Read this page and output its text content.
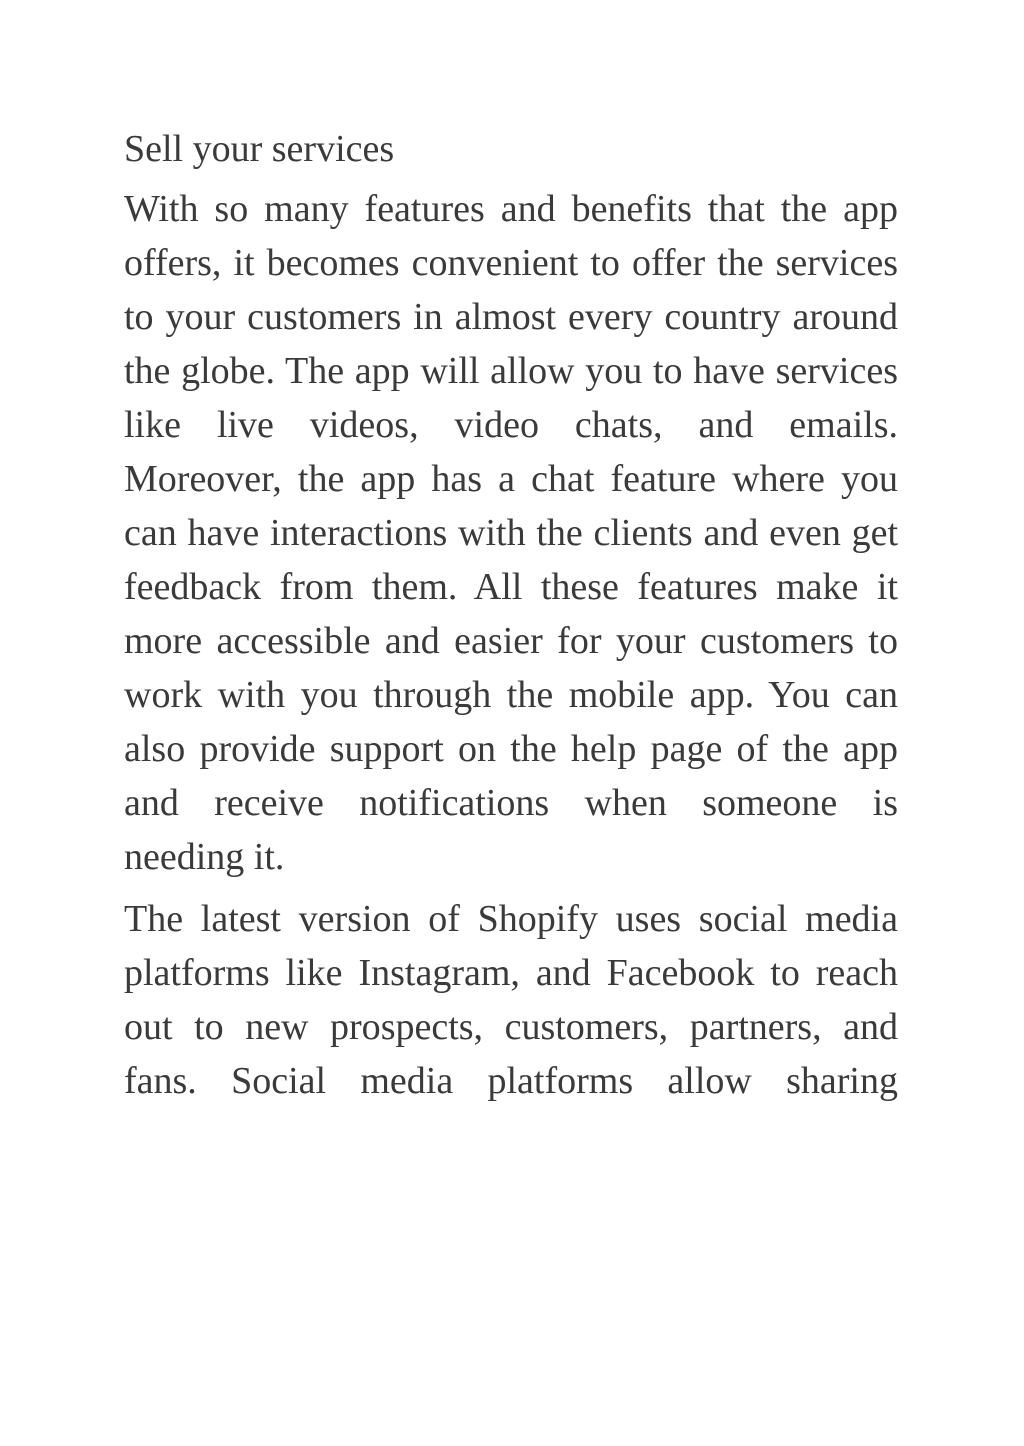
Sell your services

With so many features and benefits that the app offers, it becomes convenient to offer the services to your customers in almost every country around the globe. The app will allow you to have services like live videos, video chats, and emails. Moreover, the app has a chat feature where you can have interactions with the clients and even get feedback from them. All these features make it more accessible and easier for your customers to work with you through the mobile app. You can also provide support on the help page of the app and receive notifications when someone is needing it.

The latest version of Shopify uses social media platforms like Instagram, and Facebook to reach out to new prospects, customers, partners, and fans. Social media platforms allow sharing
